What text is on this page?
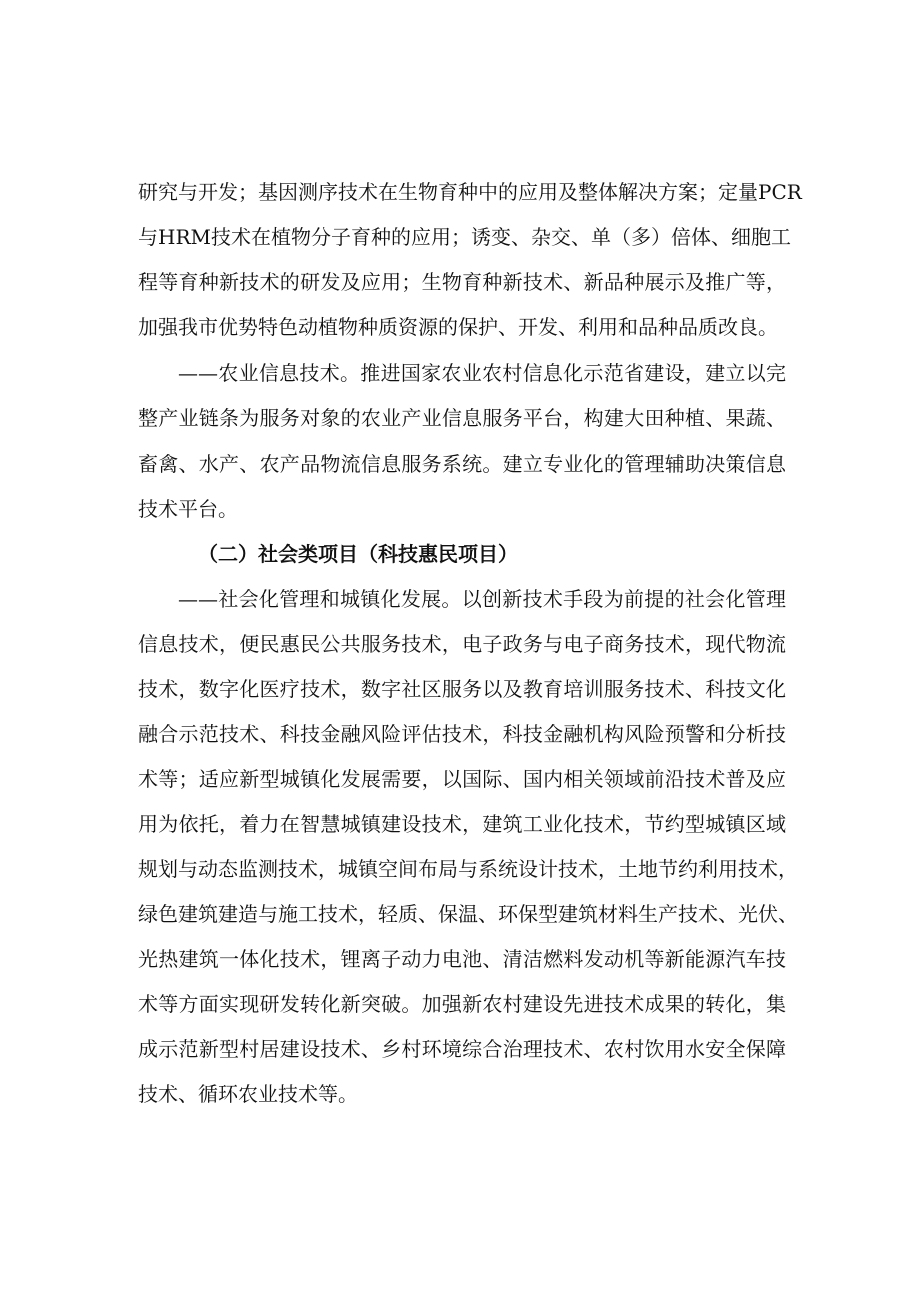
研究与开发；基因测序技术在生物育种中的应用及整体解决方案；定量PCR
与HRM技术在植物分子育种的应用；诱变、杂交、单（多）倍体、细胞工
程等育种新技术的研发及应用；生物育种新技术、新品种展示及推广等，
加强我市优势特色动植物种质资源的保护、开发、利用和品种品质改良。
——农业信息技术。推进国家农业农村信息化示范省建设，建立以完
整产业链条为服务对象的农业产业信息服务平台，构建大田种植、果蔬、
畜禽、水产、农产品物流信息服务系统。建立专业化的管理辅助决策信息
技术平台。
（二）社会类项目（科技惠民项目）
——社会化管理和城镇化发展。以创新技术手段为前提的社会化管理
信息技术，便民惠民公共服务技术，电子政务与电子商务技术，现代物流
技术，数字化医疗技术，数字社区服务以及教育培训服务技术、科技文化
融合示范技术、科技金融风险评估技术，科技金融机构风险预警和分析技
术等；适应新型城镇化发展需要，以国际、国内相关领域前沿技术普及应
用为依托，着力在智慧城镇建设技术，建筑工业化技术，节约型城镇区域
规划与动态监测技术，城镇空间布局与系统设计技术，土地节约利用技术，
绿色建筑建造与施工技术，轻质、保温、环保型建筑材料生产技术、光伏、
光热建筑一体化技术，锂离子动力电池、清洁燃料发动机等新能源汽车技
术等方面实现研发转化新突破。加强新农村建设先进技术成果的转化，集
成示范新型村居建设技术、乡村环境综合治理技术、农村饮用水安全保障
技术、循环农业技术等。
